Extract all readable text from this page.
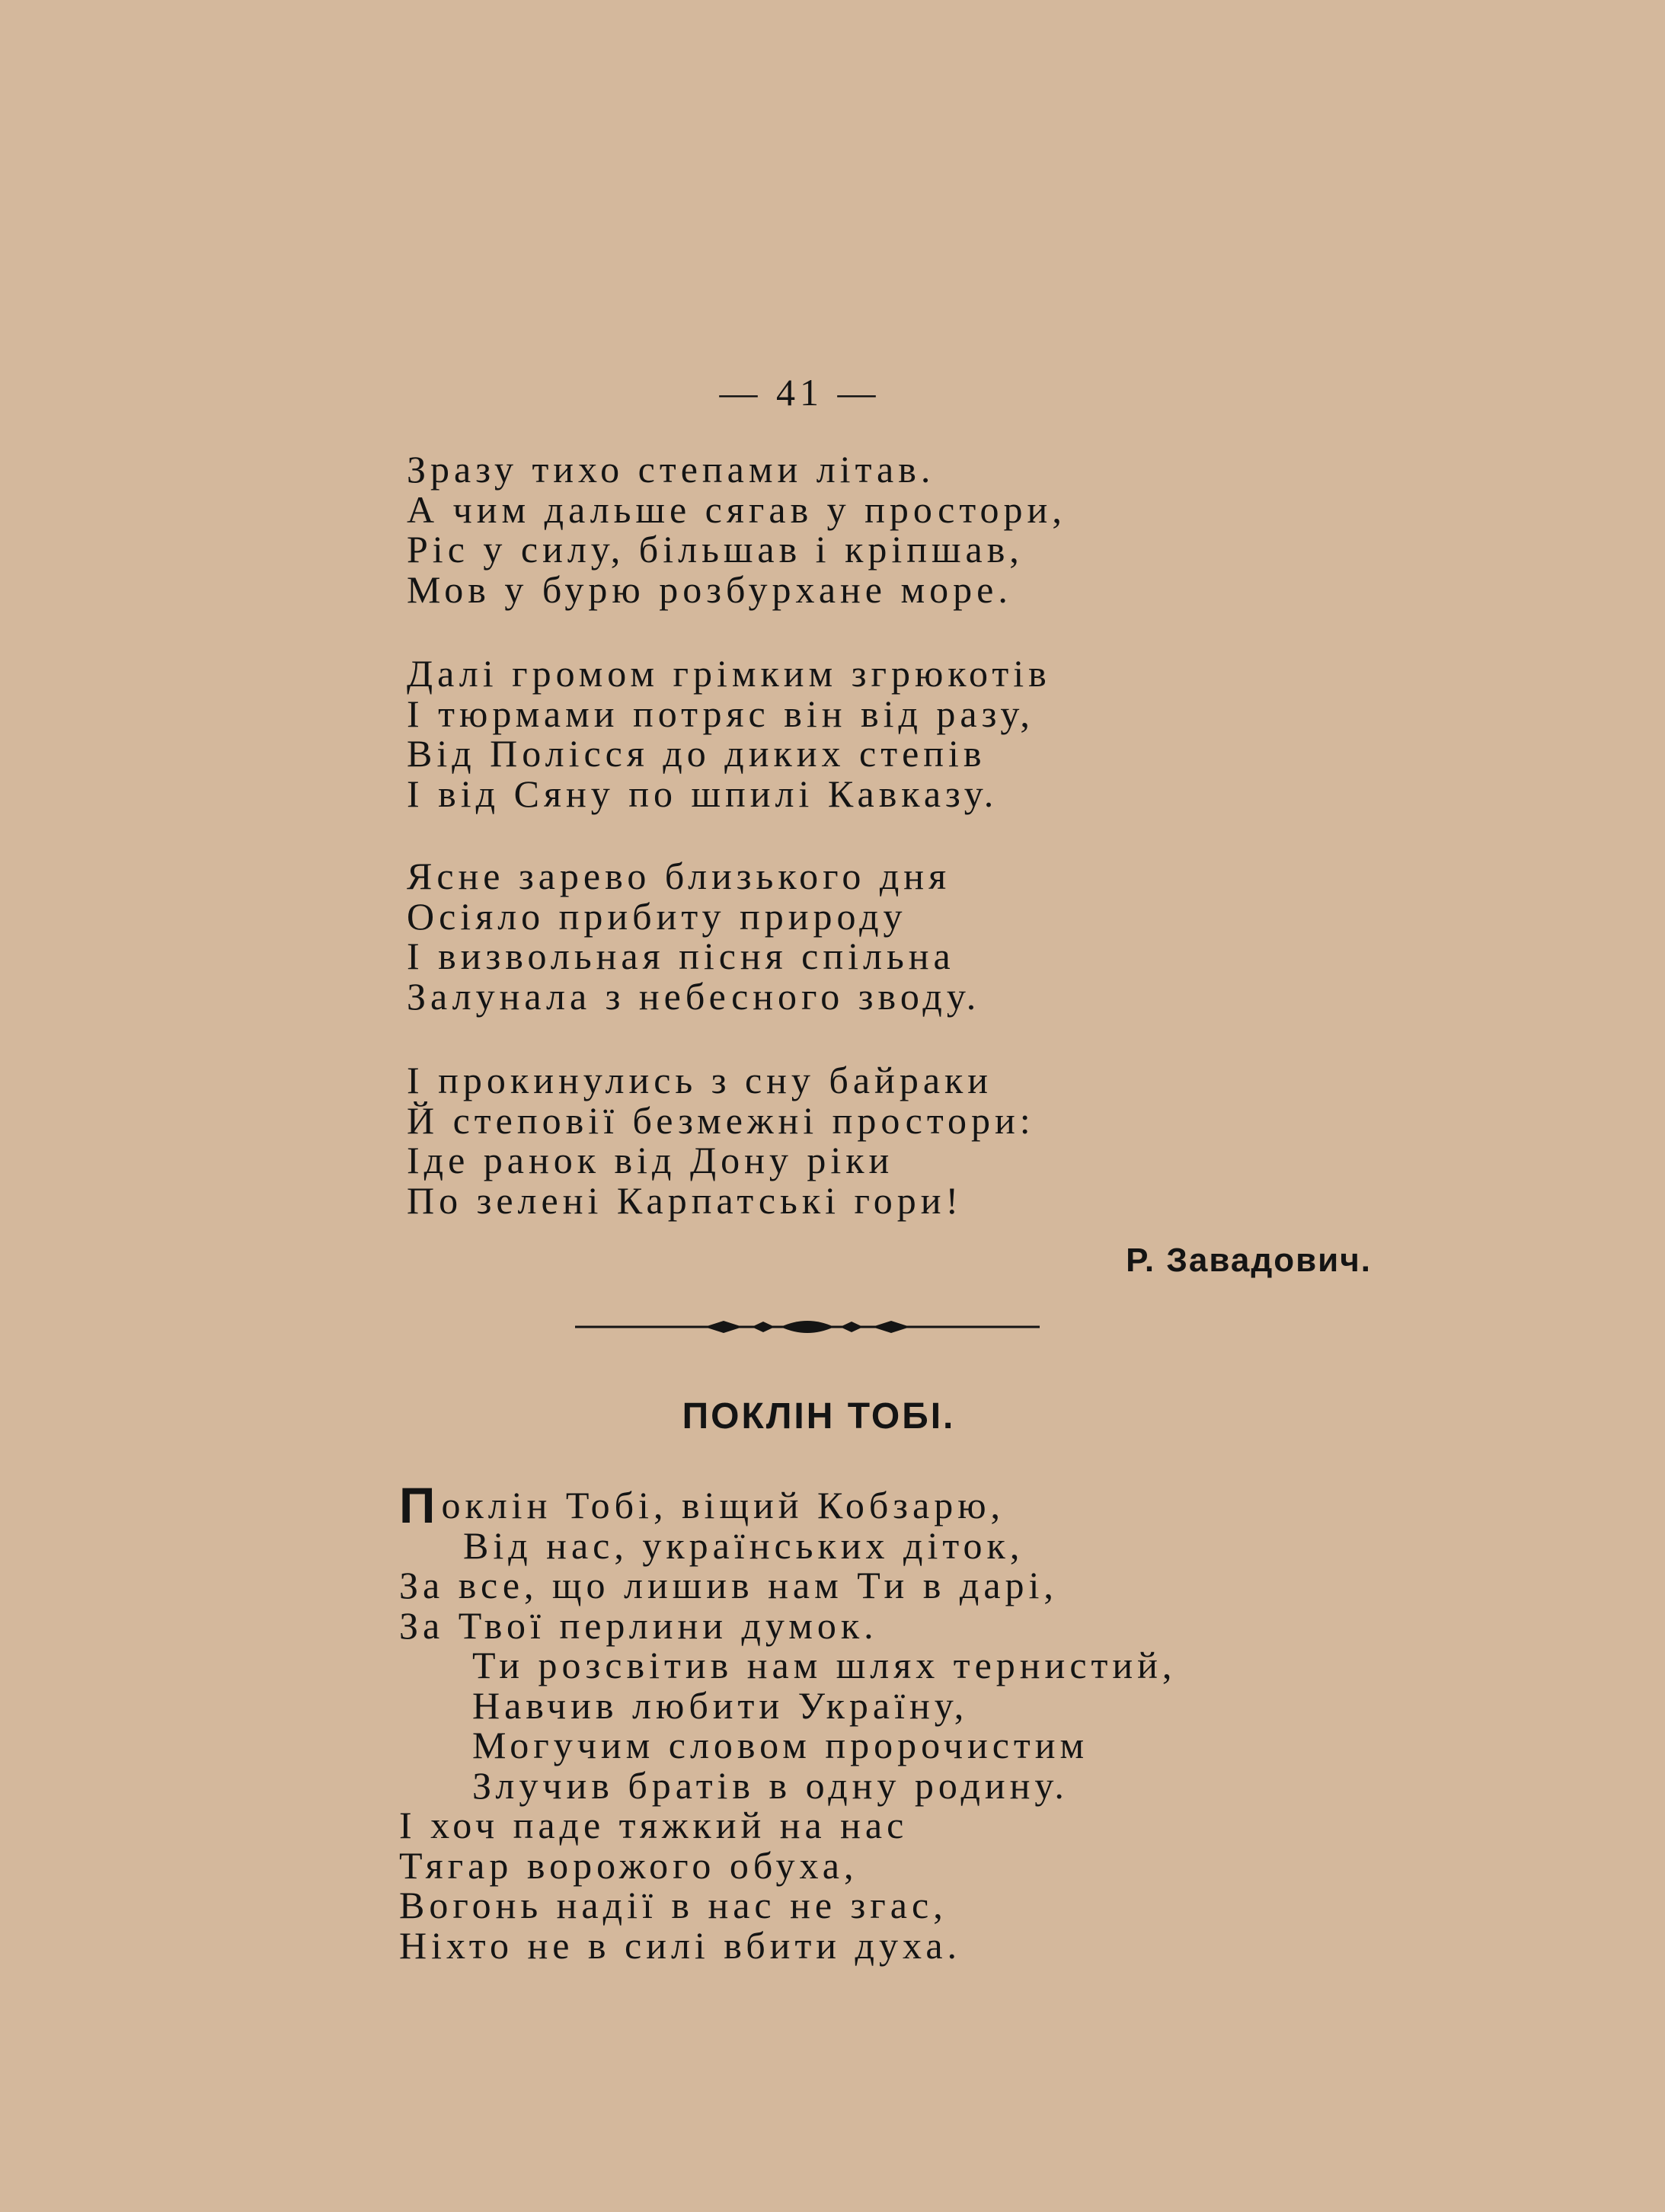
— 41 —
Зразу тихо степами літав.
А чим дальше сягав у простори,
Ріс у силу, більшав і кріпшав,
Мов у бурю розбурхане море.
Далі громом грімким згрюкотів
І тюрмами потряс він від разу,
Від Полісся до диких степів
І від Сяну по шпилі Кавказу.
Ясне зарево близького дня
Осіяло прибиту природу
І визвольная пісня спільна
Залунала з небесного зводу.
І прокинулись з сну байраки
Й степовії безмежні простори:
Іде ранок від Дону ріки
По зелені Карпатські гори!
Р. Завадович.
ПОКЛІН ТОБІ.
Поклін Тобі, віщий Кобзарю,
Від нас, українських діток,
За все, що лишив нам Ти в дарі,
За Твої перлини думок.
Ти розсвітив нам шлях тернистий,
Навчив любити Україну,
Могучим словом пророчистим
Злучив братів в одну родину.
І хоч паде тяжкий на нас
Тягар ворожого обуха,
Вогонь надії в нас не згас,
Ніхто не в силі вбити духа.
